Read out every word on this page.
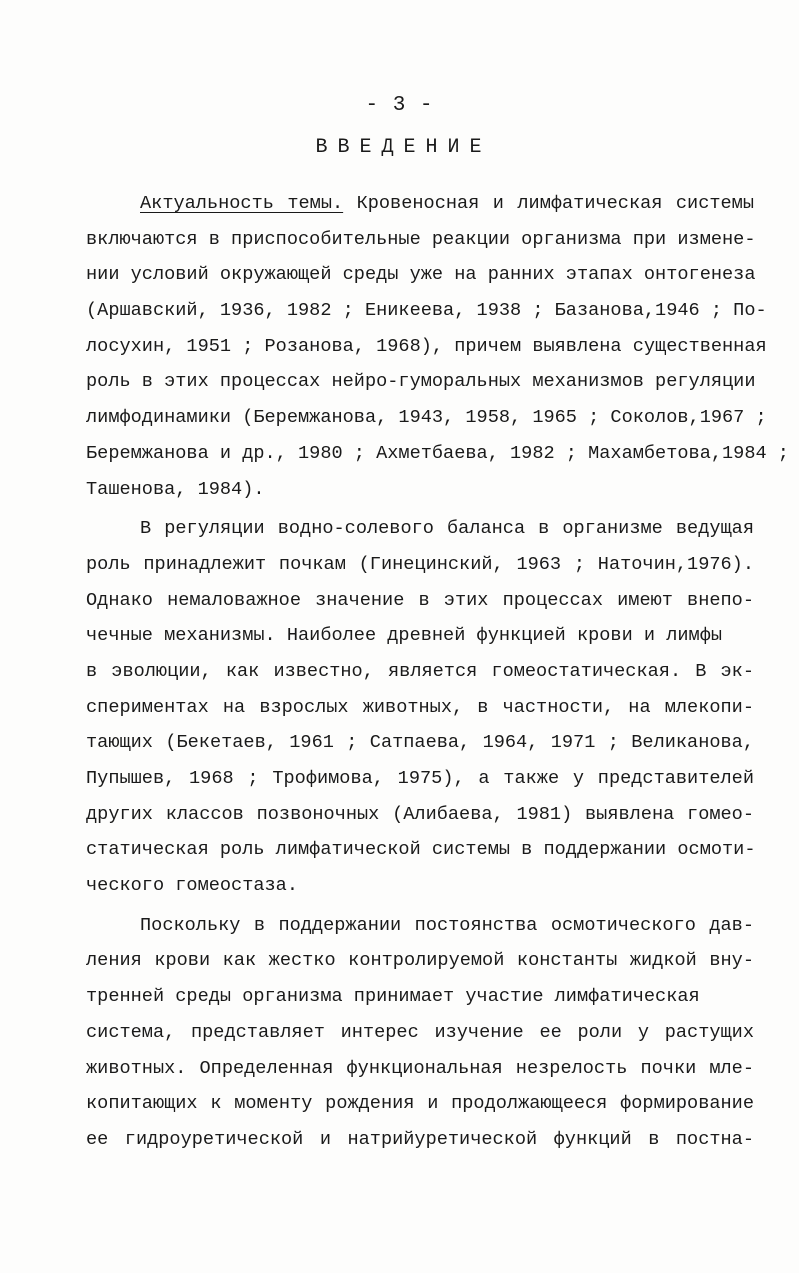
- 3 -
ВВЕДЕНИЕ
Актуальность темы. Кровеносная и лимфатическая системы
включаются в приспособительные реакции организма при измене-
нии условий окружающей среды уже на ранних этапах онтогенеза
(Аршавский, 1936, 1982 ; Еникеева, 1938 ; Базанова,1946 ; По-
лосухин, 1951 ; Розанова, 1968), причем выявлена существенная
роль в этих процессах нейро-гуморальных механизмов регуляции
лимфодинамики (Беремжанова, 1943, 1958, 1965 ; Соколов,1967 ;
Беремжанова и др., 1980 ; Ахметбаева, 1982 ; Махамбетова,1984 ;
Ташенова, 1984).
В регуляции водно-солевого баланса в организме ведущая
роль принадлежит почкам (Гинецинский, 1963 ; Наточин,1976).
Однако немаловажное значение в этих процессах имеют внепо-
чечные механизмы. Наиболее древней функцией крови и лимфы
в эволюции, как известно, является гомеостатическая. В эк-
спериментах на взрослых животных, в частности, на млекопи-
тающих (Бекетаев, 1961 ; Сатпаева, 1964, 1971 ; Великанова,
Пупышев, 1968 ; Трофимова, 1975), а также у представителей
других классов позвоночных (Алибаева, 1981) выявлена гомео-
статическая роль лимфатической системы в поддержании осмоти-
ческого гомеостаза.
Поскольку в поддержании постоянства осмотического дав-
ления крови как жестко контролируемой константы жидкой вну-
тренней среды организма принимает участие лимфатическая
система, представляет интерес изучение ее роли у растущих
животных. Определенная функциональная незрелость почки мле-
копитающих к моменту рождения и продолжающееся формирование
ее гидроуретической и натрийуретической функций в постна-
